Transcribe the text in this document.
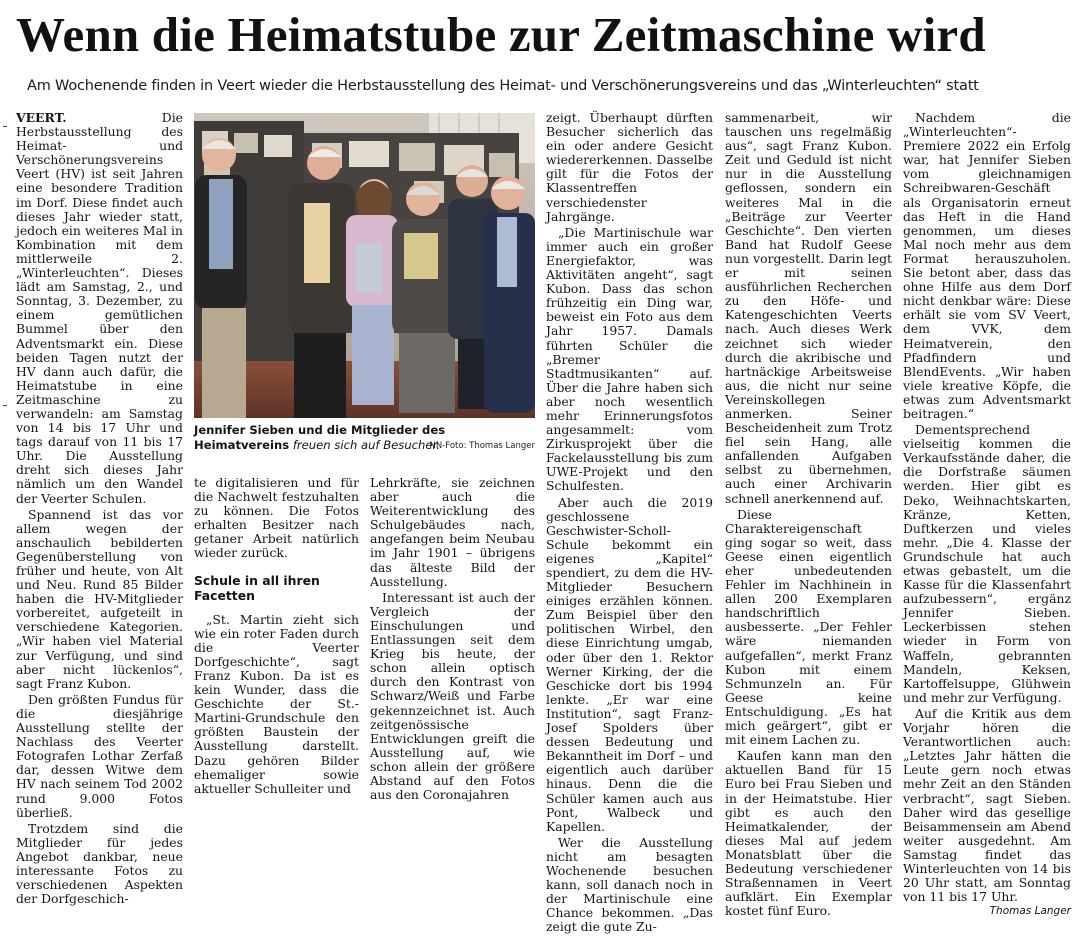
Wenn die Heimatstube zur Zeitmaschine wird
Am Wochenende finden in Veert wieder die Herbstausstellung des Heimat- und Verschönerungsvereins und das „Winterleuchten“ statt

VEERT.	Die Herbstausstellung des Heimat- und Verschönerungsvereins Veert (HV) ist seit Jahren eine besondere Tradition im Dorf. Diese findet auch dieses Jahr wieder statt, jedoch ein weiteres Mal in Kombination mit dem mittlerweile 2. „Winterleuchten“. Dieses lädt am Samstag, 2., und Sonntag, 3. Dezember, zu einem gemütlichen Bummel über den Adventsmarkt ein. Diese beiden Tagen nutzt der HV dann auch dafür, die Heimatstube in eine Zeitmaschine zu verwandeln: am Samstag von 14 bis 17 Uhr und tags darauf von 11 bis 17 Uhr. Die Ausstellung dreht sich dieses Jahr nämlich um den Wandel der Veerter Schulen.

Spannend ist das vor allem wegen der anschaulich bebilderten Gegenüberstellung von früher und heute, von Alt und Neu. Rund 85 Bilder haben die HV-Mitglieder vorbereitet, aufgeteilt in verschiedene Kategorien. „Wir haben viel Material zur Verfügung, und sind aber nicht lückenlos“, sagt Franz Kubon.

Den größten Fundus für die diesjährige Ausstellung stellte der Nachlass des Veerter Fotografen Lothar Zerfaß dar, dessen Witwe dem HV nach seinem Tod 2002 rund 9.000 Fotos überließ.

Trotzdem sind die Mitglieder für jedes Angebot dankbar, neue interessante Fotos zu verschiedenen Aspekten der Dorfgeschich-

Jennifer Sieben und die Mitglieder des Heimatvereins freuen sich auf Besucher.
NN-Foto: Thomas Langer

te digitalisieren und für die Nachwelt festzuhalten zu können. Die Fotos erhalten Besitzer nach getaner Arbeit natürlich wieder zurück.

Schule in all ihren Facetten

„St. Martin zieht sich wie ein roter Faden durch die Veerter Dorfgeschichte“, sagt Franz Kubon. Da ist es kein Wunder, dass die Geschichte der St.-Martini-Grundschule den größten Baustein der Ausstellung darstellt. Dazu gehören Bilder ehemaliger sowie aktueller Schulleiter und

Lehrkräfte, sie zeichnen aber auch die Weiterentwicklung des Schulgebäudes nach, angefangen beim Neubau im Jahr 1901 – übrigens das älteste Bild der Ausstellung.

Interessant ist auch der Vergleich der Einschulungen und Entlassungen seit dem Krieg bis heute, der schon allein optisch durch den Kontrast von Schwarz/Weiß und Farbe gekennzeichnet ist. Auch zeitgenössische Entwicklungen greift die Ausstellung auf, wie schon allein der größere Abstand auf den Fotos aus den Coronajahren

zeigt. Überhaupt dürften Besucher sicherlich das ein oder andere Gesicht wiedererkennen. Dasselbe gilt für die Fotos der Klassentreffen verschiedenster Jahrgänge.

„Die Martinischule war immer auch ein großer Energiefaktor, was Aktivitäten angeht“, sagt Kubon. Dass das schon frühzeitig ein Ding war, beweist ein Foto aus dem Jahr 1957. Damals führten Schüler die „Bremer Stadtmusikanten“ auf. Über die Jahre haben sich aber noch wesentlich mehr Erinnerungsfotos angesammelt: vom Zirkusprojekt über die Fackelausstellung bis zum UWE-Projekt und den Schulfesten.

Aber auch die 2019 geschlossene Geschwister-Scholl-Schule bekommt ein eigenes „Kapitel“ spendiert, zu dem die HV-Mitglieder Besuchern einiges erzählen können. Zum Beispiel über den politischen Wirbel, den diese Einrichtung umgab, oder über den 1. Rektor Werner Kirking, der die Geschicke dort bis 1994 lenkte. „Er war eine Institution“, sagt Franz-Josef Spolders über dessen Bedeutung und Bekanntheit im Dorf – und eigentlich auch darüber hinaus. Denn die die Schüler kamen auch aus Pont, Walbeck und Kapellen.

Wer die Ausstellung nicht am besagten Wochenende besuchen kann, soll danach noch in der Martinischule eine Chance bekommen. „Das zeigt die gute Zu-

sammenarbeit, wir tauschen uns regelmäßig aus“, sagt Franz Kubon. Zeit und Geduld ist nicht nur in die Ausstellung geflossen, sondern ein weiteres Mal in die „Beiträge zur Veerter Geschichte“. Den vierten Band hat Rudolf Geese nun vorgestellt. Darin legt er mit seinen ausführlichen Recherchen zu den Höfe- und Katengeschichten Veerts nach. Auch dieses Werk zeichnet sich wieder durch die akribische und hartnäckige Arbeitsweise aus, die nicht nur seine Vereinskollegen anmerken. Seiner Bescheidenheit zum Trotz fiel sein Hang, alle anfallenden Aufgaben selbst zu übernehmen, auch einer Archivarin schnell anerkennend auf.

Diese Charaktereigenschaft ging sogar so weit, dass Geese einen eigentlich eher unbedeutenden Fehler im Nachhinein in allen 200 Exemplaren handschriftlich ausbesserte. „Der Fehler wäre niemanden aufgefallen“, merkt Franz Kubon mit einem Schmunzeln an. Für Geese keine Entschuldigung. „Es hat mich geärgert“, gibt er mit einem Lachen zu.

Kaufen kann man den aktuellen Band für 15 Euro bei Frau Sieben und in der Heimatstube. Hier gibt es auch den Heimatkalender, der dieses Mal auf jedem Monatsblatt über die Bedeutung verschiedener Straßennamen in Veert aufklärt. Ein Exemplar kostet fünf Euro.

Nachdem die „Winterleuchten“-Premiere 2022 ein Erfolg war, hat Jennifer Sieben vom gleichnamigen Schreibwaren-Geschäft als Organisatorin erneut das Heft in die Hand genommen, um dieses Mal noch mehr aus dem Format herauszuholen. Sie betont aber, dass das ohne Hilfe aus dem Dorf nicht denkbar wäre: Diese erhält sie vom SV Veert, dem VVK, dem Heimatverein, den Pfadfindern und BlendEvents. „Wir haben viele kreative Köpfe, die etwas zum Adventsmarkt beitragen.“

Dementsprechend vielseitig kommen die Verkaufsstände daher, die die Dorfstraße säumen werden. Hier gibt es Deko, Weihnachtskarten, Kränze, Ketten, Duftkerzen und vieles mehr. „Die 4. Klasse der Grundschule hat auch etwas gebastelt, um die Kasse für die Klassenfahrt aufzubessern“, ergänz Jennifer Sieben. Leckerbissen stehen wieder in Form von Waffeln, gebrannten Mandeln, Keksen, Kartoffelsuppe, Glühwein und mehr zur Verfügung.

Auf die Kritik aus dem Vorjahr hören die Verantwortlichen auch: „Letztes Jahr hätten die Leute gern noch etwas mehr Zeit an den Ständen verbracht“, sagt Sieben. Daher wird das gesellige Beisammensein am Abend weiter ausgedehnt. Am Samstag findet das Winterleuchten von 14 bis 20 Uhr statt, am Sonntag von 11 bis 17 Uhr.
Thomas Langer
